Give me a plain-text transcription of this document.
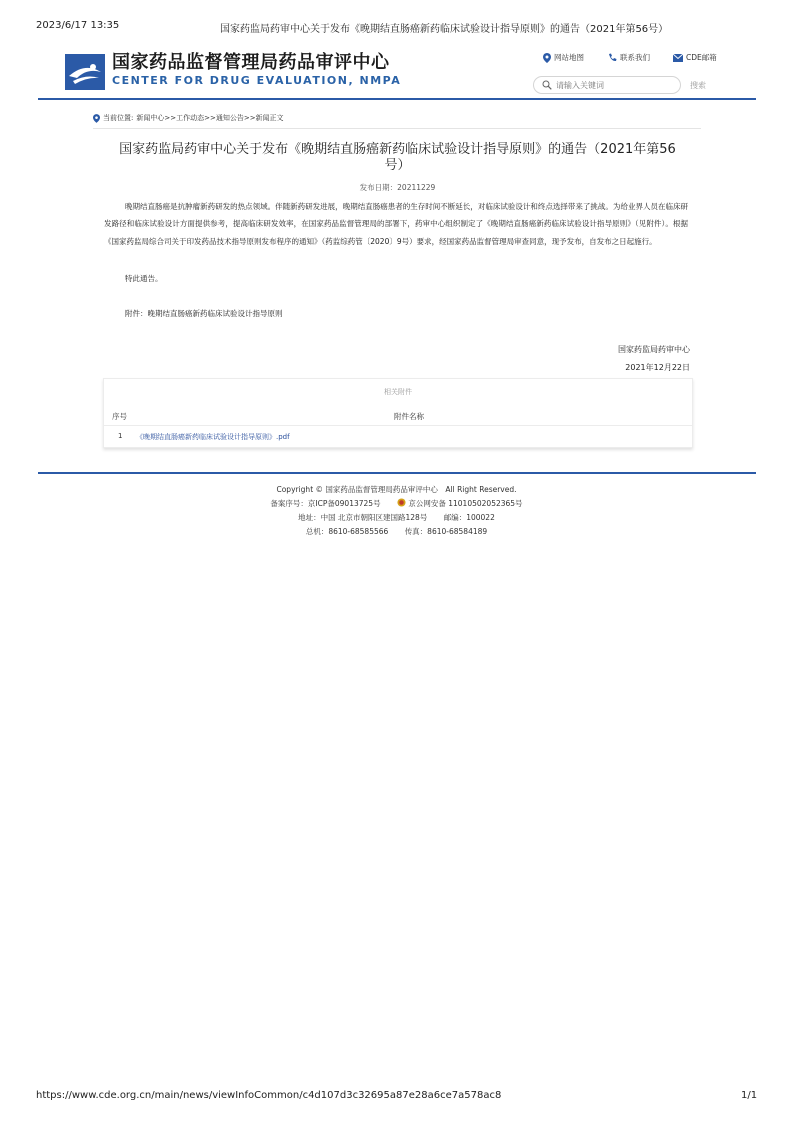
2023/6/17 13:35	国家药监局药审中心关于发布《晚期结直肠癌新药临床试验设计指导原则》的通告（2021年第56号）
国家药品监督管理局药品审评中心
CENTER FOR DRUG EVALUATION, NMPA
网站地图	联系我们	CDE邮箱
请输入关键词
搜索
当前位置: 新闻中心 >>工作动态 >>通知公告 >>新闻正文
国家药监局药审中心关于发布《晚期结直肠癌新药临床试验设计指导原则》的通告（2021年第56
号）
发布日期：20211229

晚期结直肠癌是抗肿瘤新药研发的热点领域。伴随新药研发进展，晚期结直肠癌患者的生存时间不断延长，对临床试验设计和终点选择带来了挑战。为给业界人员在临床研发路径和临床试验设计方面提供参考，提高临床研发效率，在国家药品监督管理局的部署下，药审中心组织制定了《晚期结直肠癌新药临床试验设计指导原则》（见附件）。根据《国家药监局综合司关于印发药品技术指导原则发布程序的通知》（药监综药管〔2020〕9号）要求，经国家药品监督管理局审查同意，现予发布，自发布之日起施行。

特此通告。

附件：晚期结直肠癌新药临床试验设计指导原则

国家药监局药审中心
2021年12月22日
相关附件
序号	附件名称
1 《晚期结直肠癌新药临床试验设计指导原则》.pdf
Copyright © 国家药品监督管理局药品审评中心　All Right Reserved.
备案序号：京ICP备09013725号	京公网安备 11010502052365号
地址：中国 北京市朝阳区建国路128号 邮编：100022
总机：8610-68585566 传真：8610-68584189
https://www.cde.org.cn/main/news/viewInfoCommon/c4d107d3c32695a87e28a6ce7a578ac8	1/1
